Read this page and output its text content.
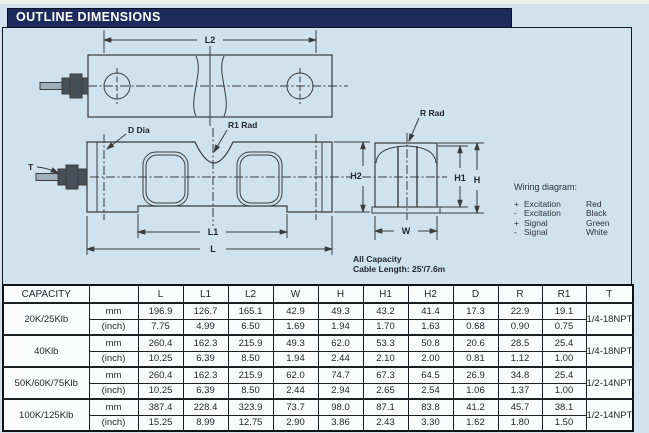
OUTLINE DIMENSIONS
L2
T
D Dia	R1 Rad
H2
L1
L
R Rad
H1 H
W
Wiring diagram:
+ Excitation	Red
- Excitation	Black
+ Signal	Green
- Signal	White
All Capacity
Cable Length: 25'/7.6m
CAPACITY		L	L1	L2	W	H	H1	H2	D	R	R1	T
20K/25Klb	mm	196.9	126.7	165.1	42.9	49.3	43.2	41.4	17.3	22.9	19.1	1/4-18NPT
	(inch)	7.75	4.99	6.50	1.69	1.94	1.70	1.63	0.68	0.90	0.75	
40Klb	mm	260.4	162.3	215.9	49.3	62.0	53.3	50.8	20.6	28.5	25.4	1/4-18NPT
	(inch)	10.25	6.39	8.50	1.94	2.44	2.10	2.00	0.81	1.12	1.00	
50K/60K/75Klb	mm	260.4	162.3	215.9	62.0	74.7	67.3	64.5	26.9	34.8	25.4	1/2-14NPT
	(inch)	10.25	6.39	8.50	2.44	2.94	2.65	2.54	1.06	1.37	1.00	
100K/125Klb	mm	387.4	228.4	323.9	73.7	98.0	87.1	83.8	41.2	45.7	38.1	1/2-14NPT
	(inch)	15.25	8.99	12.75	2.90	3.86	2.43	3.30	1.62	1.80	1.50	
